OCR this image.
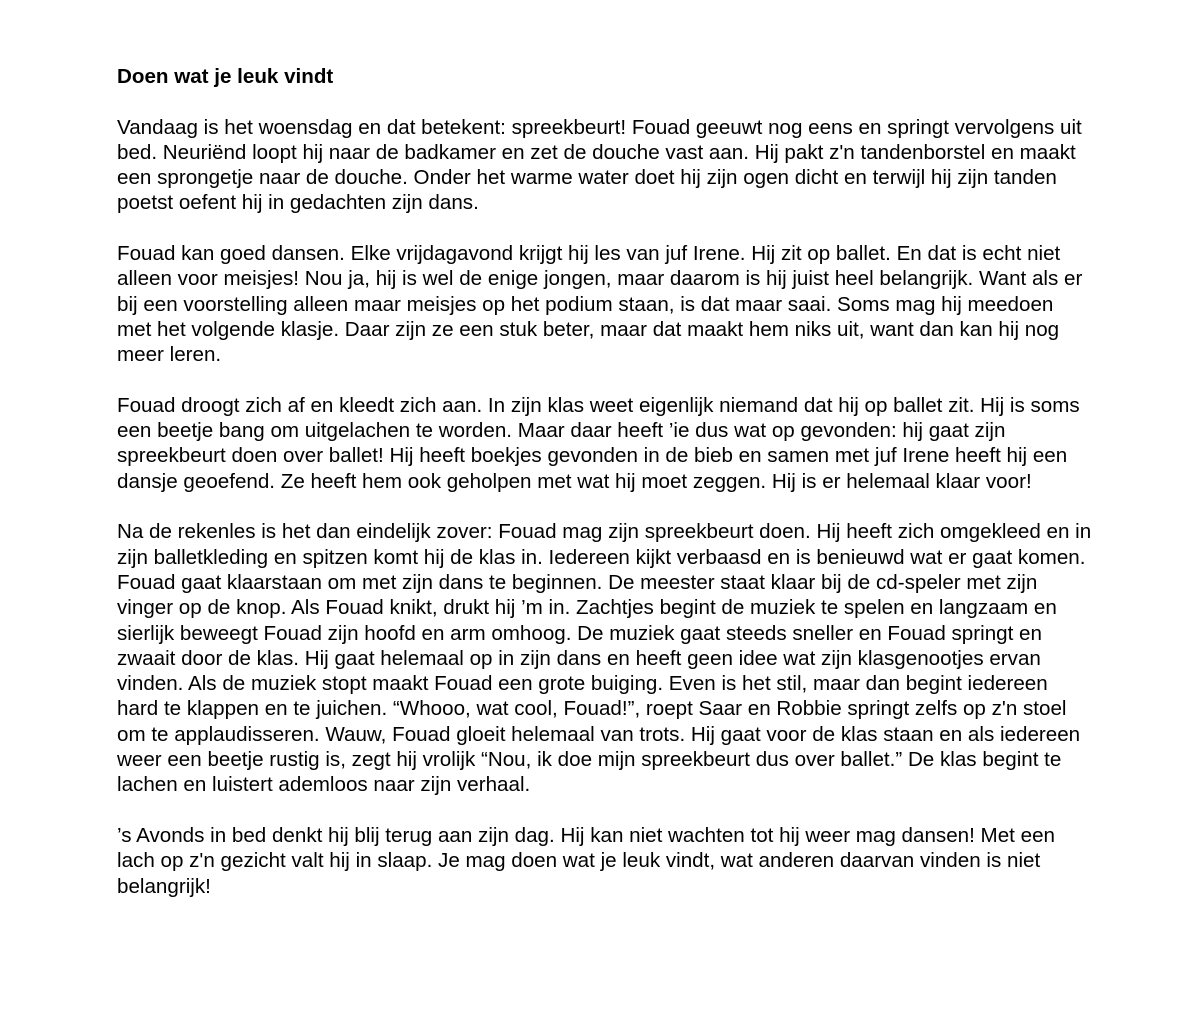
Doen wat je leuk vindt

Vandaag is het woensdag en dat betekent: spreekbeurt! Fouad geeuwt nog eens en springt vervolgens uit bed. Neuriënd loopt hij naar de badkamer en zet de douche vast aan. Hij pakt z'n tandenborstel en maakt een sprongetje naar de douche. Onder het warme water doet hij zijn ogen dicht en terwijl hij zijn tanden poetst oefent hij in gedachten zijn dans.

Fouad kan goed dansen. Elke vrijdagavond krijgt hij les van juf Irene. Hij zit op ballet. En dat is echt niet alleen voor meisjes! Nou ja, hij is wel de enige jongen, maar daarom is hij juist heel belangrijk. Want als er bij een voorstelling alleen maar meisjes op het podium staan, is dat maar saai. Soms mag hij meedoen met het volgende klasje. Daar zijn ze een stuk beter, maar dat maakt hem niks uit, want dan kan hij nog meer leren.

Fouad droogt zich af en kleedt zich aan. In zijn klas weet eigenlijk niemand dat hij op ballet zit. Hij is soms een beetje bang om uitgelachen te worden. Maar daar heeft ’ie dus wat op gevonden: hij gaat zijn spreekbeurt doen over ballet! Hij heeft boekjes gevonden in de bieb en samen met juf Irene heeft hij een dansje geoefend. Ze heeft hem ook geholpen met wat hij moet zeggen. Hij is er helemaal klaar voor!

Na de rekenles is het dan eindelijk zover: Fouad mag zijn spreekbeurt doen. Hij heeft zich omgekleed en in zijn balletkleding en spitzen komt hij de klas in. Iedereen kijkt verbaasd en is benieuwd wat er gaat komen. Fouad gaat klaarstaan om met zijn dans te beginnen. De meester staat klaar bij de cd-speler met zijn vinger op de knop. Als Fouad knikt, drukt hij ’m in. Zachtjes begint de muziek te spelen en langzaam en sierlijk beweegt Fouad zijn hoofd en arm omhoog. De muziek gaat steeds sneller en Fouad springt en zwaait door de klas. Hij gaat helemaal op in zijn dans en heeft geen idee wat zijn klasgenootjes ervan vinden. Als de muziek stopt maakt Fouad een grote buiging. Even is het stil, maar dan begint iedereen hard te klappen en te juichen. “Whooo, wat cool, Fouad!”, roept Saar en Robbie springt zelfs op z'n stoel om te applaudisseren. Wauw, Fouad gloeit helemaal van trots. Hij gaat voor de klas staan en als iedereen weer een beetje rustig is, zegt hij vrolijk “Nou, ik doe mijn spreekbeurt dus over ballet.” De klas begint te lachen en luistert ademloos naar zijn verhaal.

’s Avonds in bed denkt hij blij terug aan zijn dag. Hij kan niet wachten tot hij weer mag dansen! Met een lach op z'n gezicht valt hij in slaap. Je mag doen wat je leuk vindt, wat anderen daarvan vinden is niet belangrijk!
